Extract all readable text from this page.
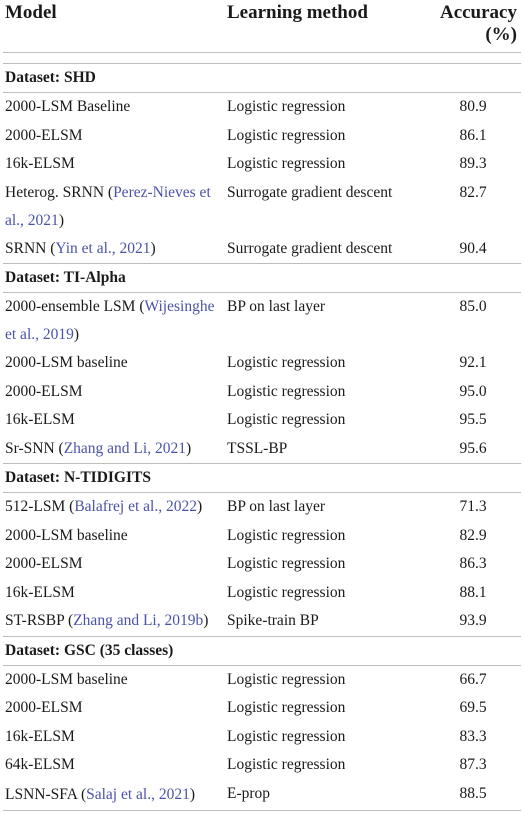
Model	Learning method	Accuracy (%)

Dataset: SHD		
2000-LSM Baseline	Logistic regression	80.9
2000-ELSM	Logistic regression	86.1
16k-ELSM	Logistic regression	89.3
Heterog. SRNN (Perez-Nieves et al., 2021)	Surrogate gradient descent	82.7
SRNN (Yin et al., 2021)	Surrogate gradient descent	90.4
Dataset: TI-Alpha		
2000-ensemble LSM (Wijesinghe et al., 2019)	BP on last layer	85.0
2000-LSM baseline	Logistic regression	92.1
2000-ELSM	Logistic regression	95.0
16k-ELSM	Logistic regression	95.5
Sr-SNN (Zhang and Li, 2021)	TSSL-BP	95.6
Dataset: N-TIDIGITS		
512-LSM (Balafrej et al., 2022)	BP on last layer	71.3
2000-LSM baseline	Logistic regression	82.9
2000-ELSM	Logistic regression	86.3
16k-ELSM	Logistic regression	88.1
ST-RSBP (Zhang and Li, 2019b)	Spike-train BP	93.9
Dataset: GSC (35 classes)		
2000-LSM baseline	Logistic regression	66.7
2000-ELSM	Logistic regression	69.5
16k-ELSM	Logistic regression	83.3
64k-ELSM	Logistic regression	87.3
LSNN-SFA (Salaj et al., 2021)	E-prop	88.5
